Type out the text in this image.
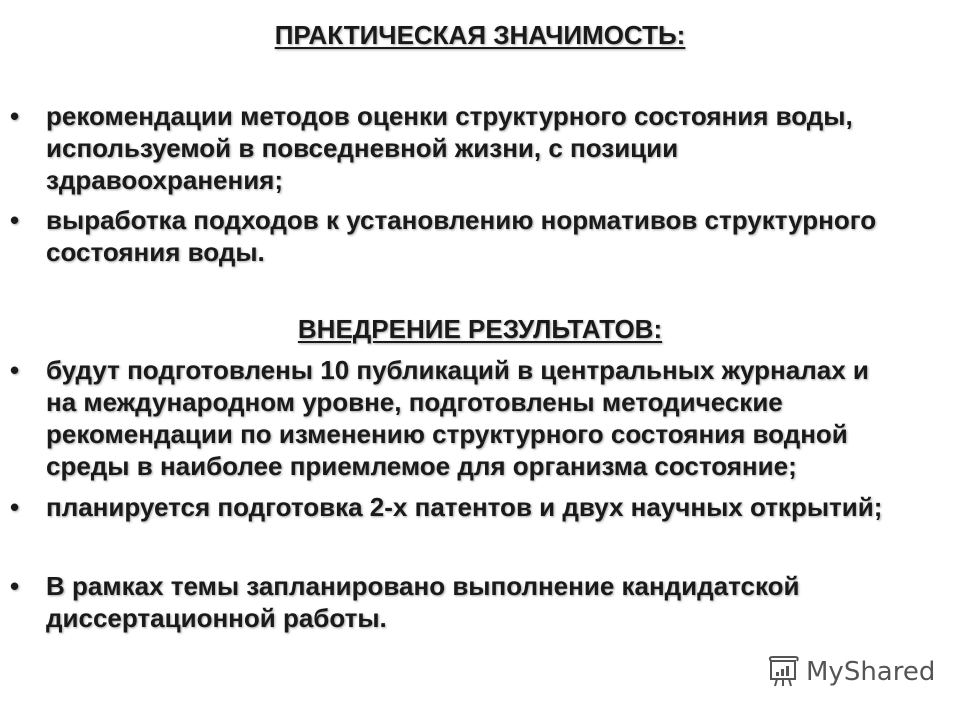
ПРАКТИЧЕСКАЯ ЗНАЧИМОСТЬ:
• рекомендации методов оценки структурного состояния воды,
используемой в повседневной жизни, с позиции
здравоохранения;
• выработка подходов к установлению нормативов структурного
состояния воды.
ВНЕДРЕНИЕ РЕЗУЛЬТАТОВ:
• будут подготовлены 10 публикаций в центральных журналах и
на международном уровне, подготовлены методические
рекомендации по изменению структурного состояния водной
среды в наиболее приемлемое для организма состояние;
• планируется подготовка 2-х патентов и двух научных открытий;
• В рамках темы запланировано выполнение кандидатской
диссертационной работы.
MyShared
